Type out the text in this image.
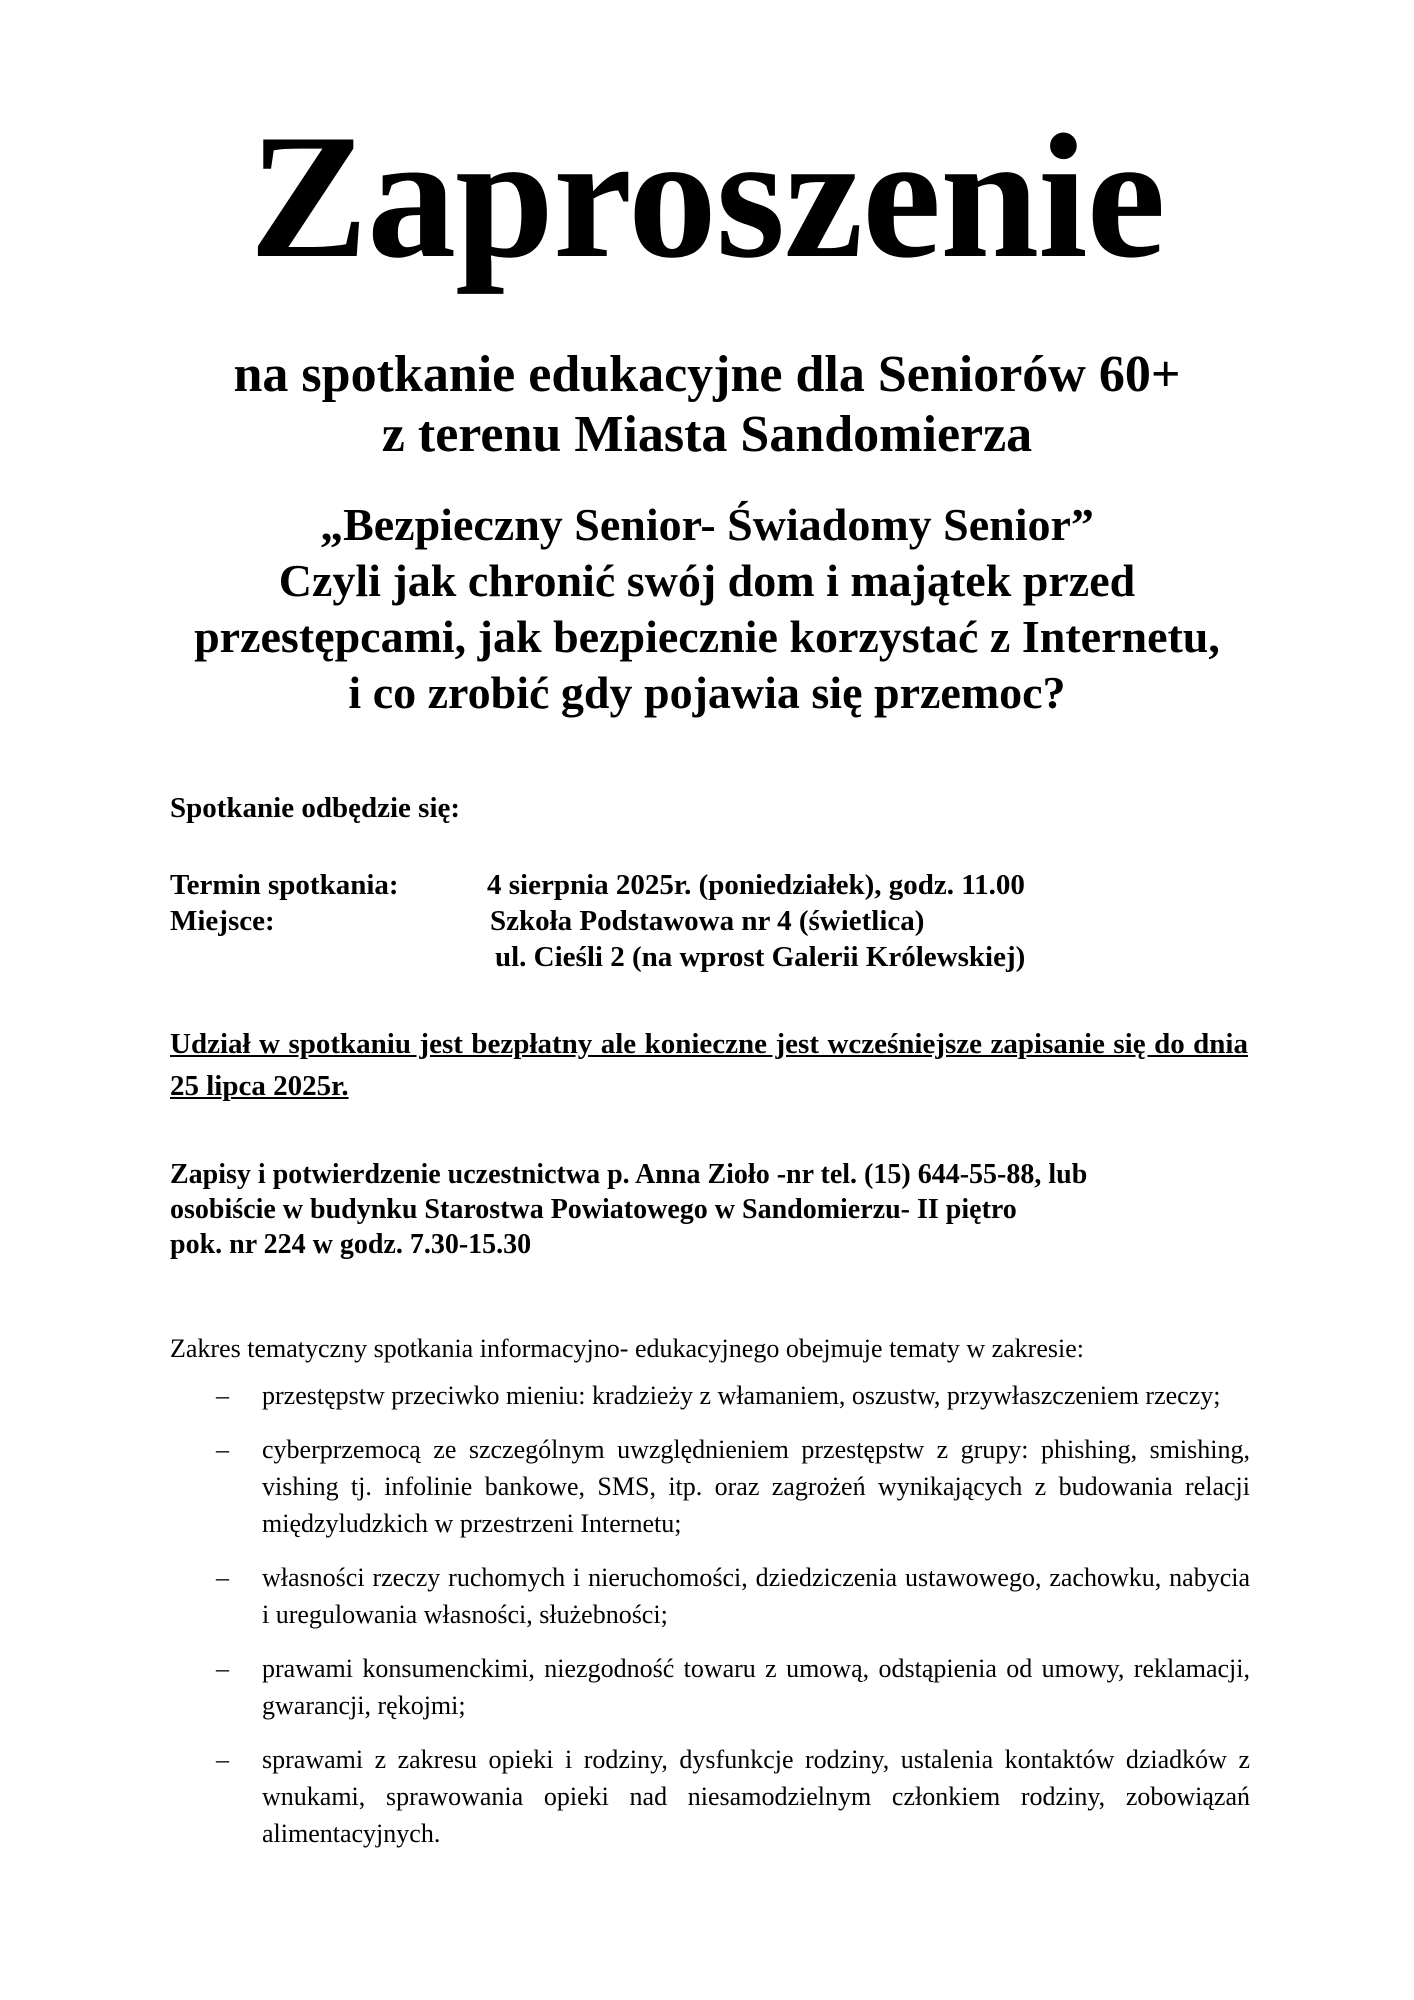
Zaproszenie
na spotkanie edukacyjne dla Seniorów 60+
z terenu Miasta Sandomierza
„Bezpieczny Senior- Świadomy Senior”
Czyli jak chronić swój dom i majątek przed
przestępcami, jak bezpiecznie korzystać z Internetu,
i co zrobić gdy pojawia się przemoc?
Spotkanie odbędzie się:
Termin spotkania:	4 sierpnia 2025r. (poniedziałek), godz. 11.00
Miejsce:	Szkoła Podstawowa nr 4 (świetlica)
ul. Cieśli 2 (na wprost Galerii Królewskiej)
Udział w spotkaniu jest bezpłatny ale konieczne jest wcześniejsze zapisanie się do dnia 25 lipca 2025r.
Zapisy i potwierdzenie uczestnictwa p. Anna Zioło -nr tel. (15) 644-55-88, lub
osobiście w budynku Starostwa Powiatowego w Sandomierzu- II piętro
pok. nr 224 w godz. 7.30-15.30
Zakres tematyczny spotkania informacyjno- edukacyjnego obejmuje tematy w zakresie:
– przestępstw przeciwko mieniu: kradzieży z włamaniem, oszustw, przywłaszczeniem rzeczy;
– cyberprzemocą ze szczególnym uwzględnieniem przestępstw z grupy: phishing, smishing, vishing tj. infolinie bankowe, SMS, itp. oraz zagrożeń wynikających z budowania relacji międzyludzkich w przestrzeni Internetu;
– własności rzeczy ruchomych i nieruchomości, dziedziczenia ustawowego, zachowku, nabycia i uregulowania własności, służebności;
– prawami konsumenckimi, niezgodność towaru z umową, odstąpienia od umowy, reklamacji, gwarancji, rękojmi;
– sprawami z zakresu opieki i rodziny, dysfunkcje rodziny, ustalenia kontaktów dziadków z wnukami, sprawowania opieki nad niesamodzielnym członkiem rodziny, zobowiązań alimentacyjnych.
